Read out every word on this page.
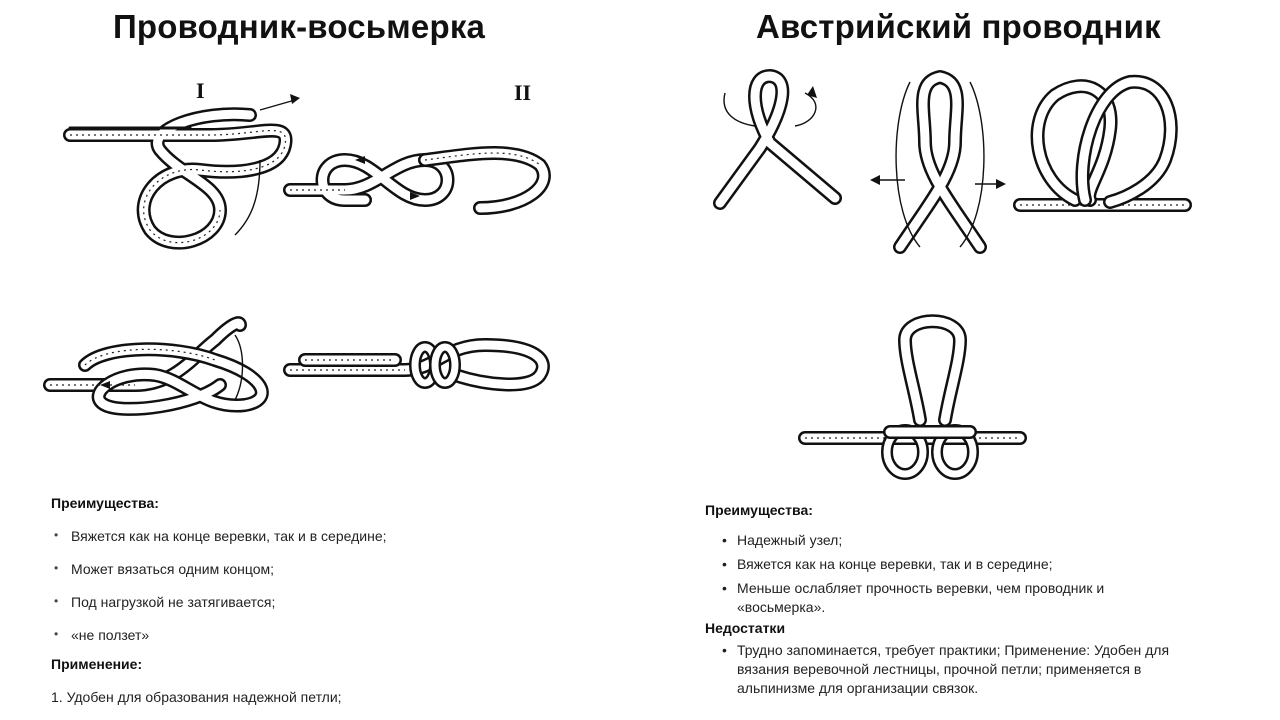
Проводник-восьмерка	Австрийский проводник
I	II
Преимущества:
• Вяжется как на конце веревки, так и в середине;
• Может вязаться одним концом;
• Под нагрузкой не затягивается;
• «не ползет»
Применение:
1. Удобен для образования надежной петли;
Преимущества:
• Надежный узел;
• Вяжется как на конце веревки, так и в середине;
• Меньше ослабляет прочность веревки, чем проводник и «восьмерка».
Недостатки
• Трудно запоминается, требует практики; Применение: Удобен для вязания веревочной лестницы, прочной петли; применяется в альпинизме для организации связок.
